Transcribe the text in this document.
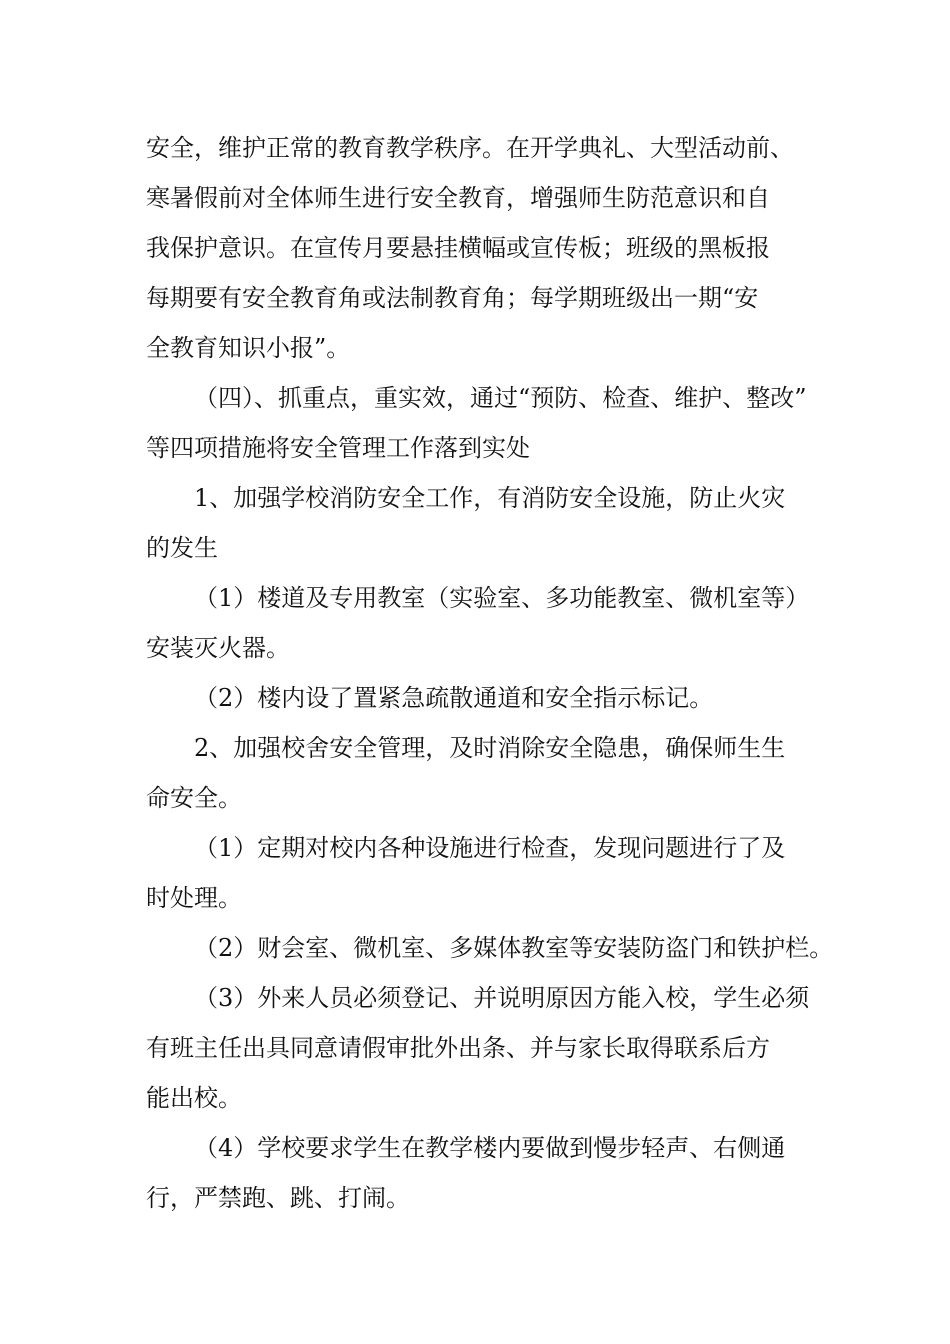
安全，维护正常的教育教学秩序。在开学典礼、大型活动前、
寒暑假前对全体师生进行安全教育，增强师生防范意识和自
我保护意识。在宣传月要悬挂横幅或宣传板；班级的黑板报
每期要有安全教育角或法制教育角；每学期班级出一期“安
全教育知识小报”。
（四）、抓重点，重实效，通过“预防、检查、维护、整改”
等四项措施将安全管理工作落到实处
1、加强学校消防安全工作，有消防安全设施，防止火灾
的发生
（1）楼道及专用教室（实验室、多功能教室、微机室等）
安装灭火器。
（2）楼内设了置紧急疏散通道和安全指示标记。
2、加强校舍安全管理，及时消除安全隐患，确保师生生
命安全。
（1）定期对校内各种设施进行检查，发现问题进行了及
时处理。
（2）财会室、微机室、多媒体教室等安装防盗门和铁护栏。
（3）外来人员必须登记、并说明原因方能入校，学生必须
有班主任出具同意请假审批外出条、并与家长取得联系后方
能出校。
（4）学校要求学生在教学楼内要做到慢步轻声、右侧通
行，严禁跑、跳、打闹。
